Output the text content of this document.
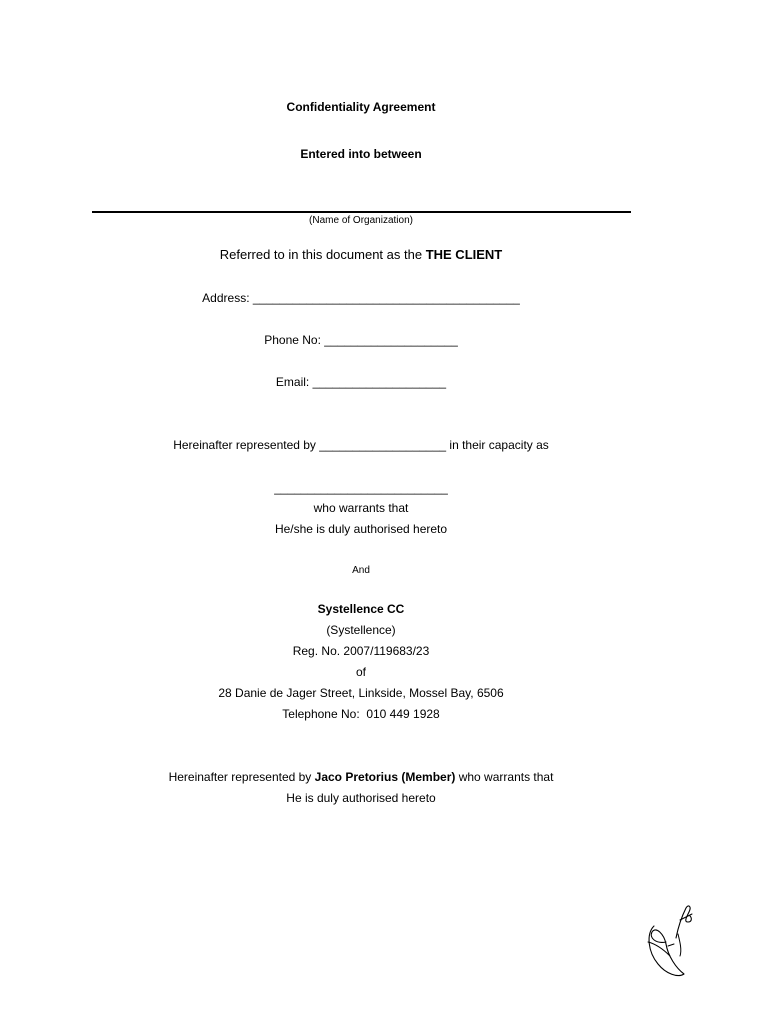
Confidentiality Agreement
Entered into between
(Name of Organization)
Referred to in this document as the THE CLIENT
Address: ________________________________________
Phone No: ____________________
Email: ____________________
Hereinafter represented by ___________________ in their capacity as
__________________________
who warrants that
He/she is duly authorised hereto
And
Systellence CC
(Systellence)
Reg. No. 2007/119683/23
of
28 Danie de Jager Street, Linkside, Mossel Bay, 6506
Telephone No:  010 449 1928
Hereinafter represented by Jaco Pretorius (Member) who warrants that
He is duly authorised hereto
